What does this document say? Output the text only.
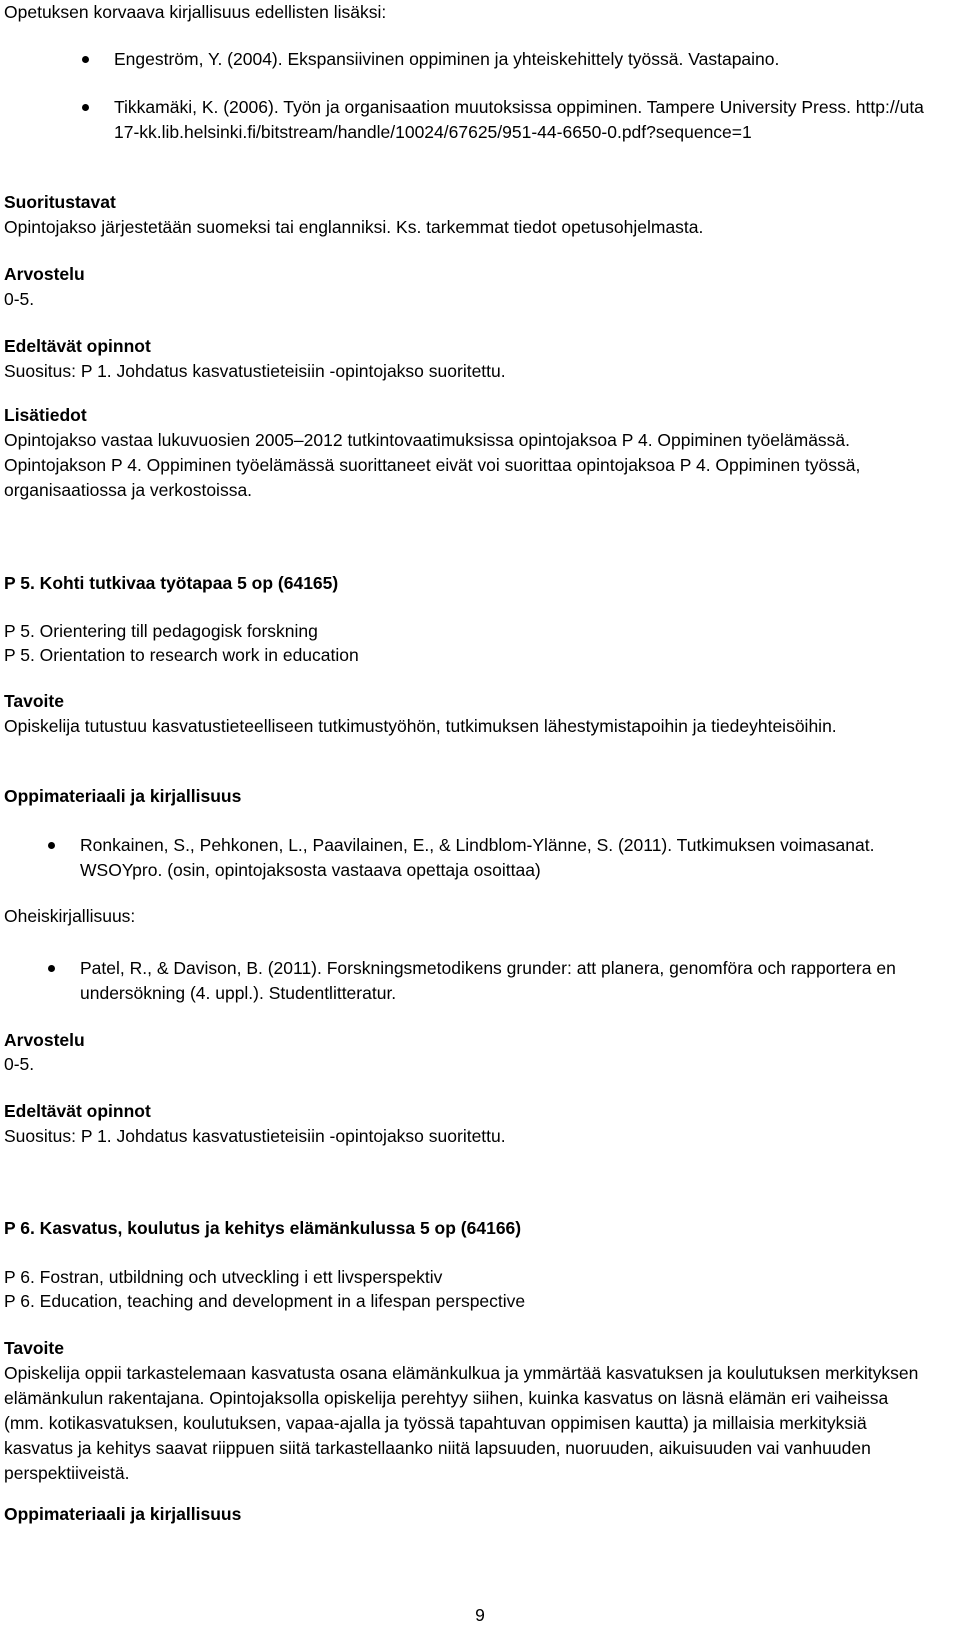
Opetuksen korvaava kirjallisuus edellisten lisäksi:

Engeström, Y. (2004). Ekspansiivinen oppiminen ja yhteiskehittely työssä. Vastapaino.
Tikkamäki, K. (2006). Työn ja organisaation muutoksissa oppiminen. Tampere University Press. http://uta17-kk.lib.helsinki.fi/bitstream/handle/10024/67625/951-44-6650-0.pdf?sequence=1

Suoritustavat

Opintojakso järjestetään suomeksi tai englanniksi. Ks. tarkemmat tiedot opetusohjelmasta.

Arvostelu

0-5.

Edeltävät opinnot

Suositus: P 1. Johdatus kasvatustieteisiin -opintojakso suoritettu.

Lisätiedot

Opintojakso vastaa lukuvuosien 2005–2012 tutkintovaatimuksissa opintojaksoa P 4. Oppiminen työelämässä. Opintojakson P 4. Oppiminen työelämässä suorittaneet eivät voi suorittaa opintojaksoa P 4. Oppiminen työssä, organisaatiossa ja verkostoissa.

P 5. Kohti tutkivaa työtapaa 5 op (64165)

P 5. Orientering till pedagogisk forskning

P 5. Orientation to research work in education

Tavoite

Opiskelija tutustuu kasvatustieteelliseen tutkimustyöhön, tutkimuksen lähestymistapoihin ja tiedeyhteisöihin.

Oppimateriaali ja kirjallisuus

Ronkainen, S., Pehkonen, L., Paavilainen, E., & Lindblom-Ylänne, S. (2011). Tutkimuksen voimasanat. WSOYpro. (osin, opintojaksosta vastaava opettaja osoittaa)

Oheiskirjallisuus:

Patel, R., & Davison, B. (2011). Forskningsmetodikens grunder: att planera, genomföra och rapportera en undersökning (4. uppl.). Studentlitteratur.

Arvostelu

0-5.

Edeltävät opinnot

Suositus: P 1. Johdatus kasvatustieteisiin -opintojakso suoritettu.

P 6. Kasvatus, koulutus ja kehitys elämänkulussa 5 op (64166)

P 6. Fostran, utbildning och utveckling i ett livsperspektiv

P 6. Education, teaching and development in a lifespan perspective

Tavoite

Opiskelija oppii tarkastelemaan kasvatusta osana elämänkulkua ja ymmärtää kasvatuksen ja koulutuksen merkityksen elämänkulun rakentajana. Opintojaksolla opiskelija perehtyy siihen, kuinka kasvatus on läsnä elämän eri vaiheissa (mm. kotikasvatuksen, koulutuksen, vapaa-ajalla ja työssä tapahtuvan oppimisen kautta) ja millaisia merkityksiä kasvatus ja kehitys saavat riippuen siitä tarkastellaanko niitä lapsuuden, nuoruuden, aikuisuuden vai vanhuuden perspektiiveistä.

Oppimateriaali ja kirjallisuus

9
